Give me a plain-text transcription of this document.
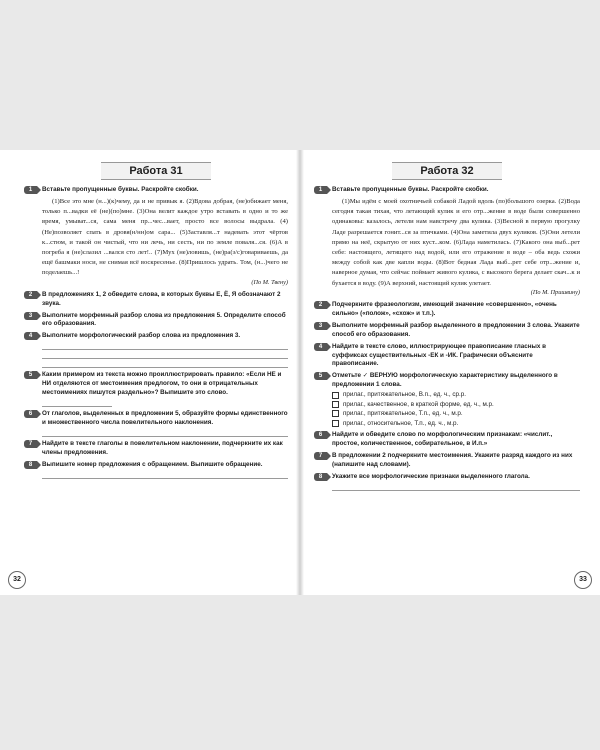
Работа 31
1	Вставьте пропущенные буквы. Раскройте скобки.

(1)Все это мне (н...)(к)чему, да и не привык я. (2)Вдова добрая, (не)обижает меня, только п...вадки её (не)(по)мне. (3)Она велит каждое утро вставать в одно и то же время, умыват...ся, сама меня пр...чес...вает, просто все волосы выдрала. (4)(Не)позволяет спать в дровя(н/нн)ом сара... (5)Заставля...т надевать этот чёртов к...стюм, и такой он чистый, что ни лечь, ни сесть, ни по земле поваля...ся. (6)А в погреба я (не)слазил ...вался сто лет!.. (7)Мух (не)ловишь, (не)ра(з/с)говариваешь, да ещё башмаки носи, не снимая всё воскресенье. (8)Пришлось удрать. Том, (н...)чего не поделаешь...!

(По М. Твену)
2	В предложениях 1, 2 обведите слова, в которых буквы Е, Ё, Я обозначают 2 звука.
3	Выполните морфемный разбор слова из предложения 5. Определите способ его образования.
4	Выполните морфологический разбор слова из предложения 3.
5	Каким примером из текста можно проиллюстрировать правило: «Если НЕ и НИ отделяются от местоимения предлогом, то они в отрицательных местоимениях пишутся раздельно»? Выпишите это слово.
6	От глаголов, выделенных в предложении 5, образуйте формы единственного и множественного числа повелительного наклонения.
7	Найдите в тексте глаголы в повелительном наклонении, подчеркните их как члены предложения.
8	Выпишите номер предложения с обращением. Выпишите обращение.
32
Работа 32
1	Вставьте пропущенные буквы. Раскройте скобки.

(1)Мы идём с моей охотничьей собакой Ладой вдоль (по)большого озерка. (2)Вода сегодня такая тихая, что летающий кулик и его отр...жение в воде были совершенно одинаковы: казалось, летели нам навстречу два кулика. (3)Весной в первую прогулку Ладе разрешается гонит...ся за птичками. (4)Она заметила двух куликов. (5)Они летели прямо на неё, скрытую от них куст...ком. (6)Лада наметилась. (7)Какого она выб...рет себе: настоящего, летящего над водой, или его отражение в воде – оба ведь схожи между собой как две капли воды. (8)Вот бедная Лада выб...рет себе отр...жение и, наверное думая, что сейчас поймает живого кулика, с высокого берега делает скач...к и бухается в воду. (9)А верхний, настоящий кулик улетает.

(По М. Пришвину)
2	Подчеркните фразеологизм, имеющий значение «совершенно», «очень сильно» («полож», «схож» и т.п.).
3	Выполните морфемный разбор выделенного в предложении 3 слова. Укажите способ его образования.
4	Найдите в тексте слово, иллюстрирующее правописание гласных в суффиксах существительных -ЕК и -ИК. Графически объясните правописание.
5	Отметьте ✓ ВЕРНУЮ морфологическую характеристику выделенного в предложении 1 слова.
прилаг., притяжательное, В.п., ед. ч., ср.р.
прилаг., качественное, в краткой форме, ед. ч., м.р.
прилаг., притяжательное, Т.п., ед. ч., м.р.
прилаг., относительное, Т.п., ед. ч., м.р.
6	Найдите и обведите слово по морфологическим признакам: «числит., простое, количественное, собирательное, в И.п.»
7	В предложении 2 подчеркните местоимения. Укажите разряд каждого из них (напишите над словами).
8	Укажите все морфологические признаки выделенного глагола.
33
